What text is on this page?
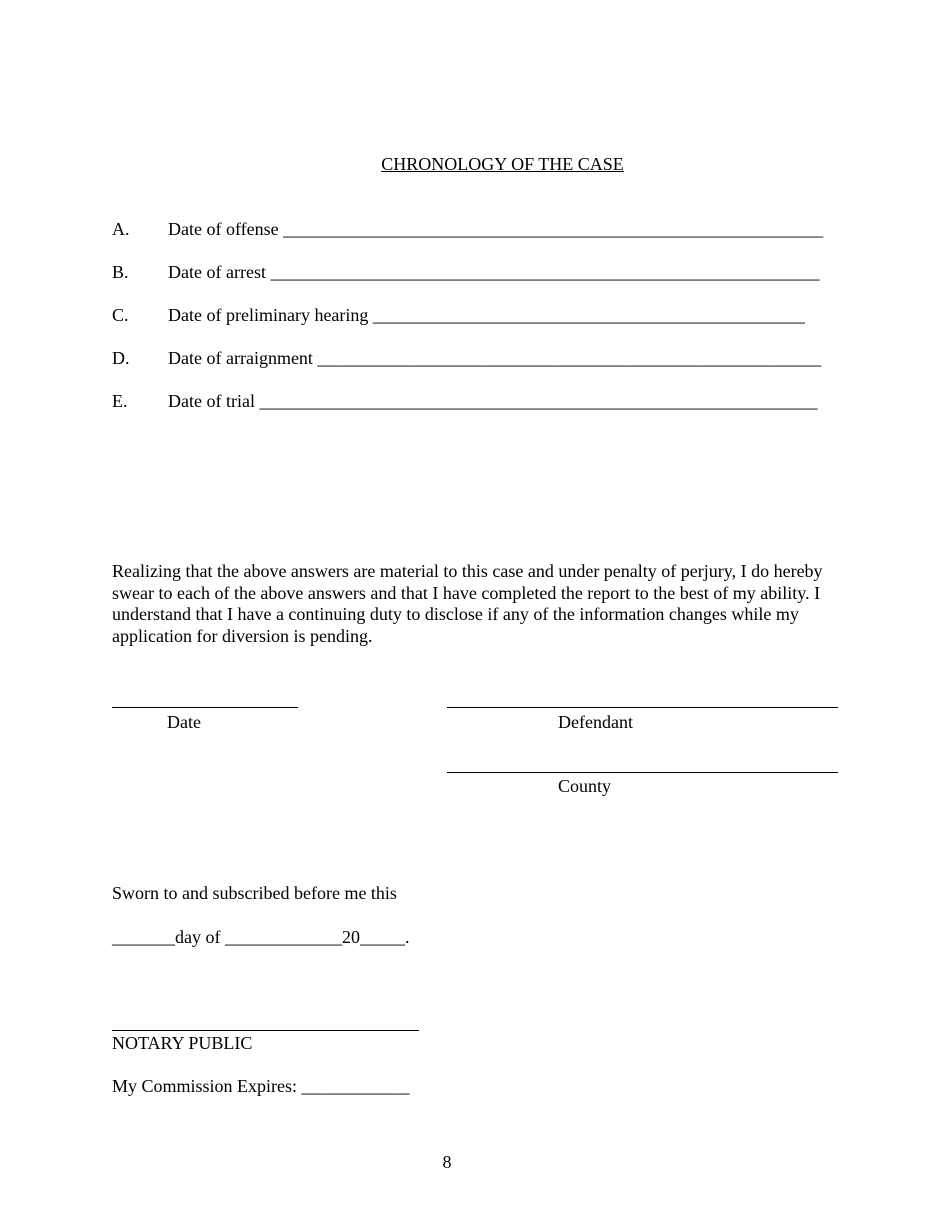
CHRONOLOGY OF THE CASE
A. Date of offense ____________________________________________________________
B. Date of arrest _____________________________________________________________
C. Date of preliminary hearing ________________________________________________
D. Date of arraignment ________________________________________________________
E. Date of trial ______________________________________________________________
Realizing that the above answers are material to this case and under penalty of perjury, I do hereby swear to each of the above answers and that I have completed the report to the best of my ability. I understand that I have a continuing duty to disclose if any of the information changes while my application for diversion is pending.
Date	Defendant
County
Sworn to and subscribed before me this
_______day of _____________20_____.
NOTARY PUBLIC
My Commission Expires: ____________
8
